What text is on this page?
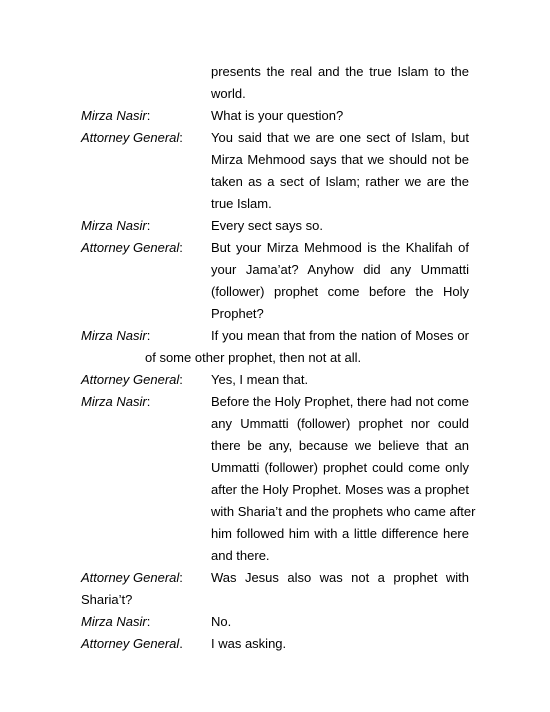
presents the real and the true Islam to the
world.
Mirza Nasir:	What is your question?
Attorney General: You said that we are one sect of Islam, but
Mirza Mehmood says that we should not be
taken as a sect of Islam; rather we are the
true Islam.
Mirza Nasir:	Every sect says so.
Attorney General: But your Mirza Mehmood is the Khalifah of
your Jama’at? Anyhow did any Ummatti
(follower) prophet come before the Holy
Prophet?
Mirza Nasir:	If you mean that from the nation of Moses or
of some other prophet, then not at all.
Attorney General: Yes, I mean that.
Mirza Nasir:	Before the Holy Prophet, there had not come
any Ummatti (follower) prophet nor could
there be any, because we believe that an
Ummatti (follower) prophet could come only
after the Holy Prophet. Moses was a prophet
with Sharia’t and the prophets who came after
him followed him with a little difference here
and there.
Attorney General: Was Jesus also was not a prophet with
Sharia’t?
Mirza Nasir:	No.
Attorney General. I was asking.
